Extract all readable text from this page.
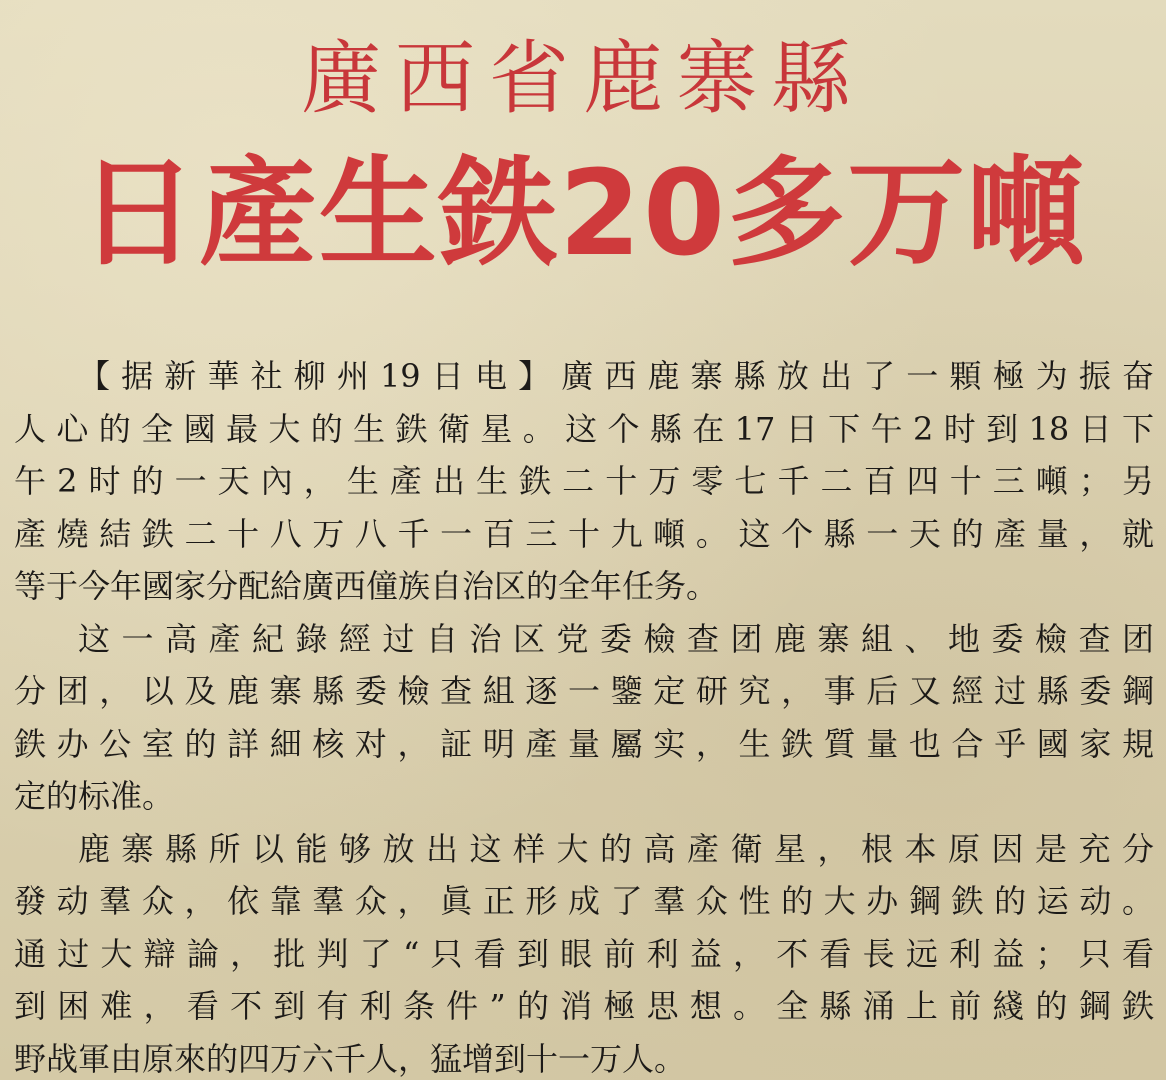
廣西省鹿寨縣
日產生鉄20多万噸

【据新華社柳州19日电】廣西鹿寨縣放出了一顆極为振奋
人心的全國最大的生鉄衛星。这个縣在17日下午2时到18日下
午2时的一天內，生產出生鉄二十万零七千二百四十三噸；另
產燒結鉄二十八万八千一百三十九噸。这个縣一天的產量，就
等于今年國家分配給廣西僮族自治区的全年任务。

这一高產紀錄經过自治区党委檢查团鹿寨組、地委檢查团
分团，以及鹿寨縣委檢查組逐一鑒定研究，事后又經过縣委鋼
鉄办公室的詳細核对，証明產量屬实，生鉄質量也合乎國家規
定的标准。

鹿寨縣所以能够放出这样大的高產衛星，根本原因是充分
發动羣众，依靠羣众，眞正形成了羣众性的大办鋼鉄的运动。
通过大辯論，批判了“只看到眼前利益，不看長远利益；只看
到困难，看不到有利条件”的消極思想。全縣涌上前綫的鋼鉄
野战軍由原來的四万六千人，猛增到十一万人。
